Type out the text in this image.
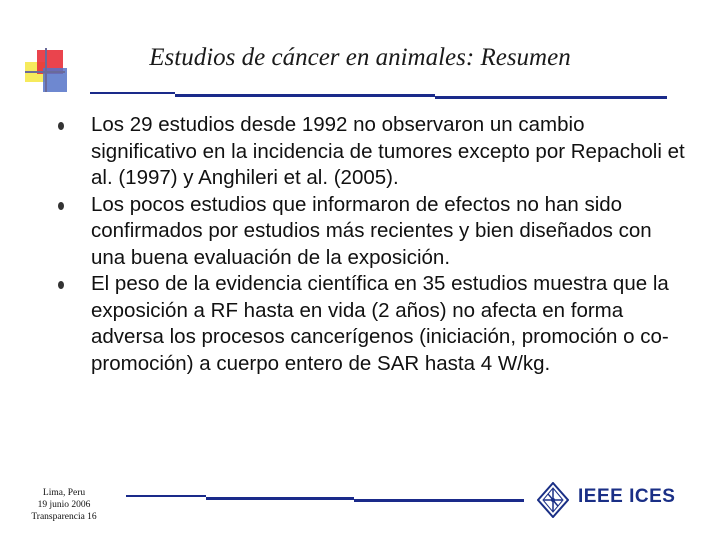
Estudios de cáncer en animales: Resumen
Los 29 estudios desde 1992 no observaron un cambio significativo en la incidencia de tumores excepto por Repacholi et al. (1997) y Anghileri et al. (2005).
Los pocos estudios que informaron de efectos no han sido confirmados por estudios más recientes y bien diseñados con una buena evaluación de la exposición.
El peso de la evidencia científica en 35 estudios muestra que la exposición a RF hasta en vida (2 años) no afecta en forma adversa los procesos cancerígenos (iniciación, promoción o co-promoción) a cuerpo entero de SAR hasta 4 W/kg.
Lima, Peru
19 junio 2006
Transparencia 16
IEEE ICES
